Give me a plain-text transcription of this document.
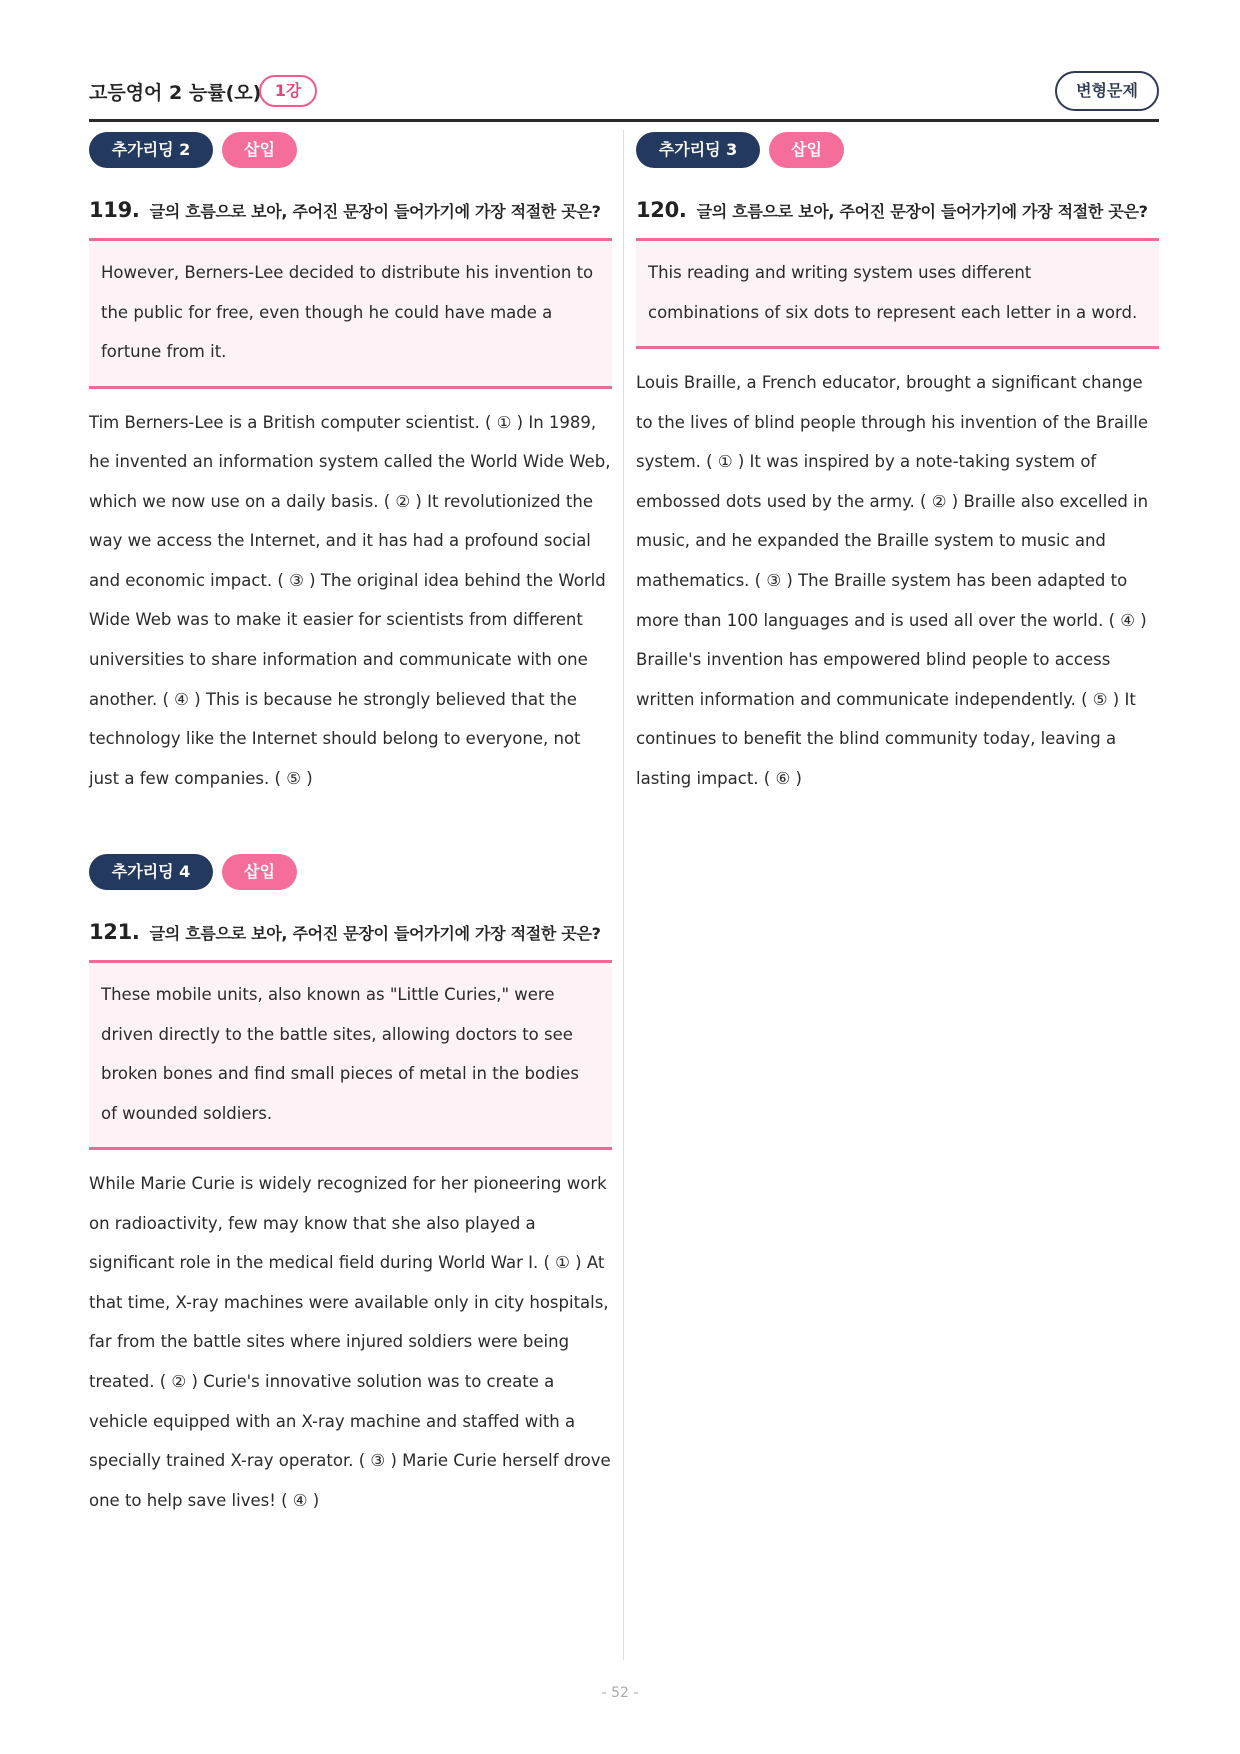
고등영어 2 능률(오) 1강	변형문제
추가리딩 2	삽입
119. 글의 흐름으로 보아, 주어진 문장이 들어가기에 가장 적절한 곳은?
However, Berners-Lee decided to distribute his invention to the public for free, even though he could have made a fortune from it.
Tim Berners-Lee is a British computer scientist. ( ① ) In 1989, he invented an information system called the World Wide Web, which we now use on a daily basis. ( ② ) It revolutionized the way we access the Internet, and it has had a profound social and economic impact. ( ③ ) The original idea behind the World Wide Web was to make it easier for scientists from different universities to share information and communicate with one another. ( ④ ) This is because he strongly believed that the technology like the Internet should belong to everyone, not just a few companies. ( ⑤ )
추가리딩 4	삽입
121. 글의 흐름으로 보아, 주어진 문장이 들어가기에 가장 적절한 곳은?
These mobile units, also known as "Little Curies," were driven directly to the battle sites, allowing doctors to see broken bones and find small pieces of metal in the bodies of wounded soldiers.
While Marie Curie is widely recognized for her pioneering work on radioactivity, few may know that she also played a significant role in the medical field during World War I. ( ① ) At that time, X-ray machines were available only in city hospitals, far from the battle sites where injured soldiers were being treated. ( ② ) Curie's innovative solution was to create a vehicle equipped with an X-ray machine and staffed with a specially trained X-ray operator. ( ③ ) Marie Curie herself drove one to help save lives! ( ④ )
추가리딩 3	삽입
120. 글의 흐름으로 보아, 주어진 문장이 들어가기에 가장 적절한 곳은?
This reading and writing system uses different combinations of six dots to represent each letter in a word.
Louis Braille, a French educator, brought a significant change to the lives of blind people through his invention of the Braille system. ( ① ) It was inspired by a note-taking system of embossed dots used by the army. ( ② ) Braille also excelled in music, and he expanded the Braille system to music and mathematics. ( ③ ) The Braille system has been adapted to more than 100 languages and is used all over the world. ( ④ ) Braille's invention has empowered blind people to access written information and communicate independently. ( ⑤ ) It continues to benefit the blind community today, leaving a lasting impact. ( ⑥ )
- 52 -
